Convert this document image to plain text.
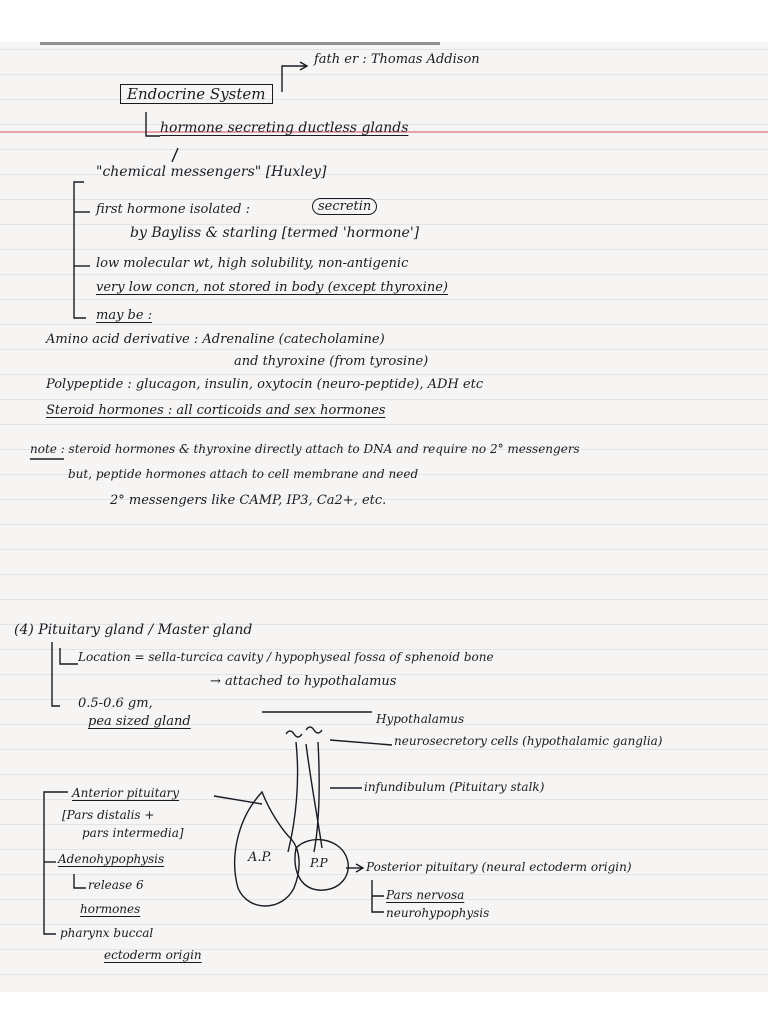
fath er : Thomas Addison
Endocrine System
hormone secreting ductless glands
"chemical messengers" [Huxley]
first hormone isolated :	secretin
by Bayliss & starling [termed 'hormone']
low molecular wt, high solubility, non-antigenic
very low concn, not stored in body (except thyroxine)
may be :
Amino acid derivative : Adrenaline (catecholamine)
and thyroxine (from tyrosine)
Polypeptide : glucagon, insulin, oxytocin (neuro-peptide), ADH etc
Steroid hormones : all corticoids and sex hormones
note : steroid hormones & thyroxine directly attach to DNA and require no 2° messengers
but, peptide hormones attach to cell membrane and need
2° messengers like CAMP, IP3, Ca2+, etc.
(4) Pituitary gland / Master gland
Location = sella-turcica cavity / hypophyseal fossa of sphenoid bone
→ attached to hypothalamus
0.5-0.6 gm,
pea sized gland	Hypothalamus
neurosecretory cells (hypothalamic ganglia)
infundibulum (Pituitary stalk)
Anterior pituitary
[Pars distalis +
pars intermedia]
Adenohypophysis
release 6
hormones
pharynx buccal
ectoderm origin
A.P.	P.P	Posterior pituitary (neural ectoderm origin)
Pars nervosa
neurohypophysis
